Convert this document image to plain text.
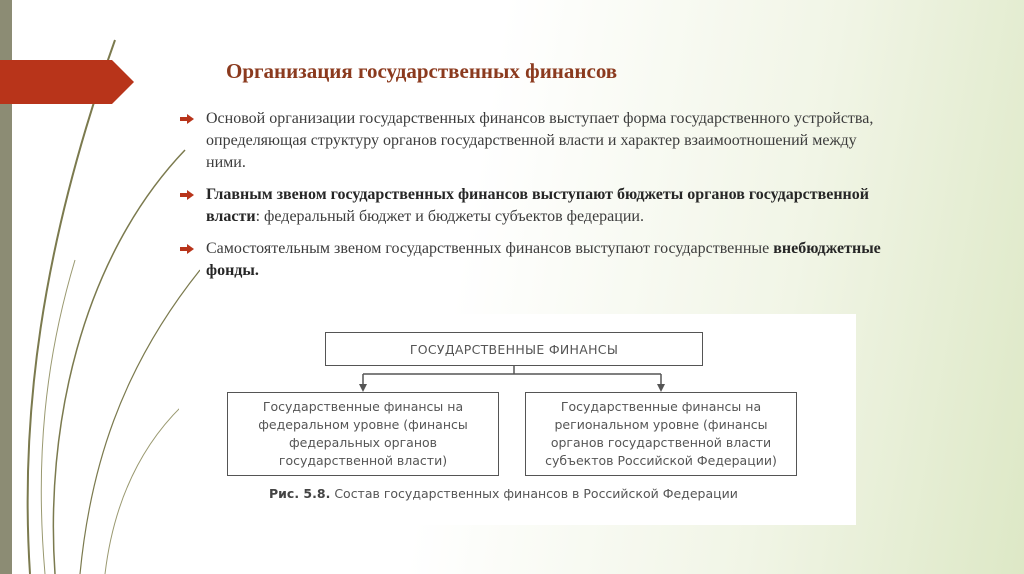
Организация государственных финансов
Основой организации государственных финансов выступает форма государственного устройства, определяющая структуру органов государственной власти и характер взаимоотношений между ними.
Главным звеном государственных финансов выступают бюджеты органов государственной власти: федеральный бюджет и бюджеты субъектов федерации.
Самостоятельным звеном государственных финансов выступают государственные внебюджетные фонды.
ГОСУДАРСТВЕННЫЕ ФИНАНСЫ
Государственные финансы на федеральном уровне (финансы федеральных органов государственной власти)
Государственные финансы на региональном уровне (финансы органов государственной власти субъектов Российской Федерации)
Рис. 5.8. Состав государственных финансов в Российской Федерации
